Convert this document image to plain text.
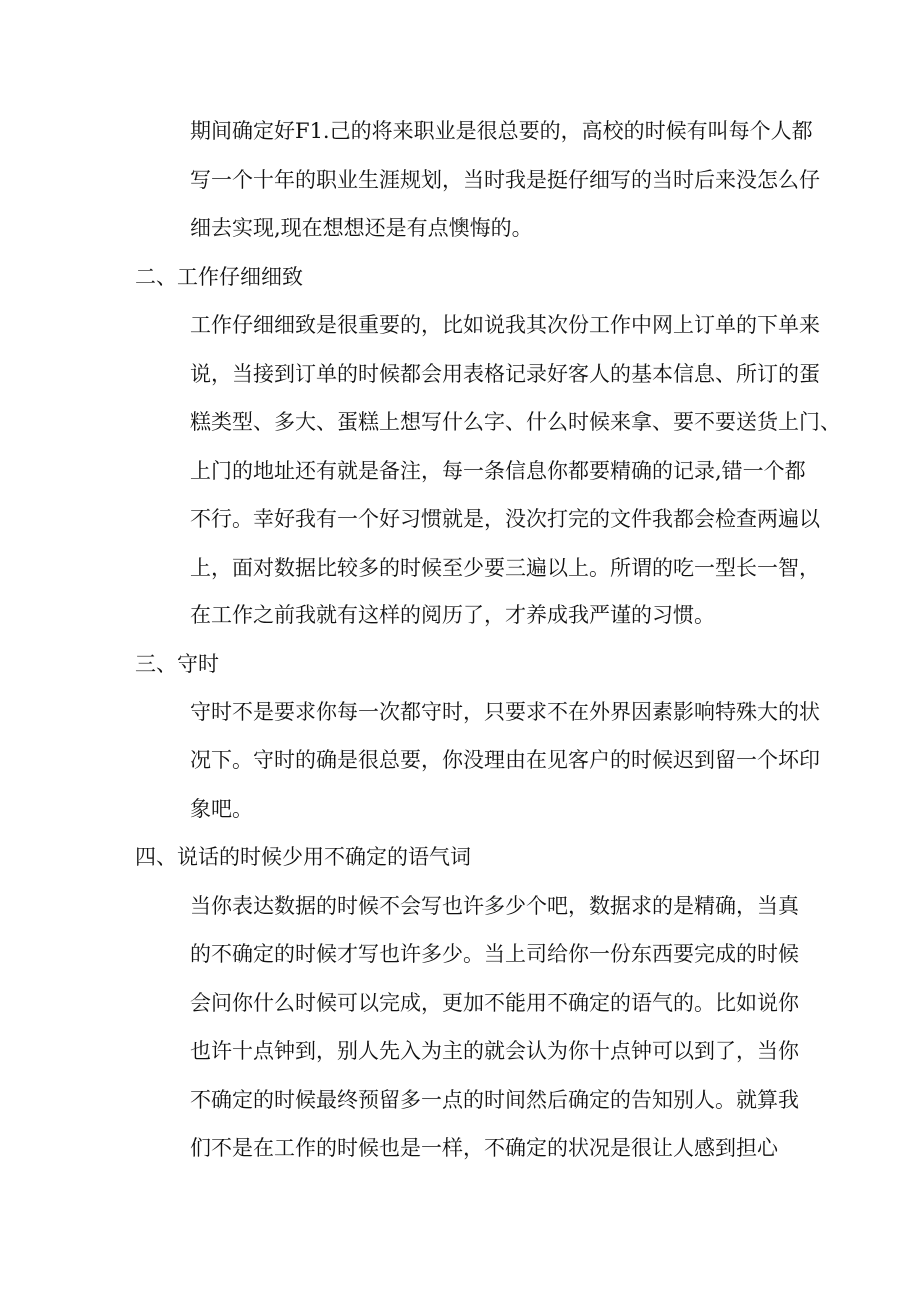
期间确定好F1.己的将来职业是很总要的，高校的时候有叫每个人都
写一个十年的职业生涯规划，当时我是挺仔细写的当时后来没怎么仔
细去实现,现在想想还是有点懊悔的。
二、工作仔细细致
工作仔细细致是很重要的，比如说我其次份工作中网上订单的下单来
说，当接到订单的时候都会用表格记录好客人的基本信息、所订的蛋
糕类型、多大、蛋糕上想写什么字、什么时候来拿、要不要送货上门、
上门的地址还有就是备注，每一条信息你都要精确的记录,错一个都
不行。幸好我有一个好习惯就是，没次打完的文件我都会检查两遍以
上，面对数据比较多的时候至少要三遍以上。所谓的吃一型长一智，
在工作之前我就有这样的阅历了，才养成我严谨的习惯。
三、守时
守时不是要求你每一次都守时，只要求不在外界因素影响特殊大的状
况下。守时的确是很总要，你没理由在见客户的时候迟到留一个坏印
象吧。
四、说话的时候少用不确定的语气词
当你表达数据的时候不会写也许多少个吧，数据求的是精确，当真
的不确定的时候才写也许多少。当上司给你一份东西要完成的时候
会问你什么时候可以完成，更加不能用不确定的语气的。比如说你
也许十点钟到，别人先入为主的就会认为你十点钟可以到了，当你
不确定的时候最终预留多一点的时间然后确定的告知别人。就算我
们不是在工作的时候也是一样，不确定的状况是很让人感到担心
